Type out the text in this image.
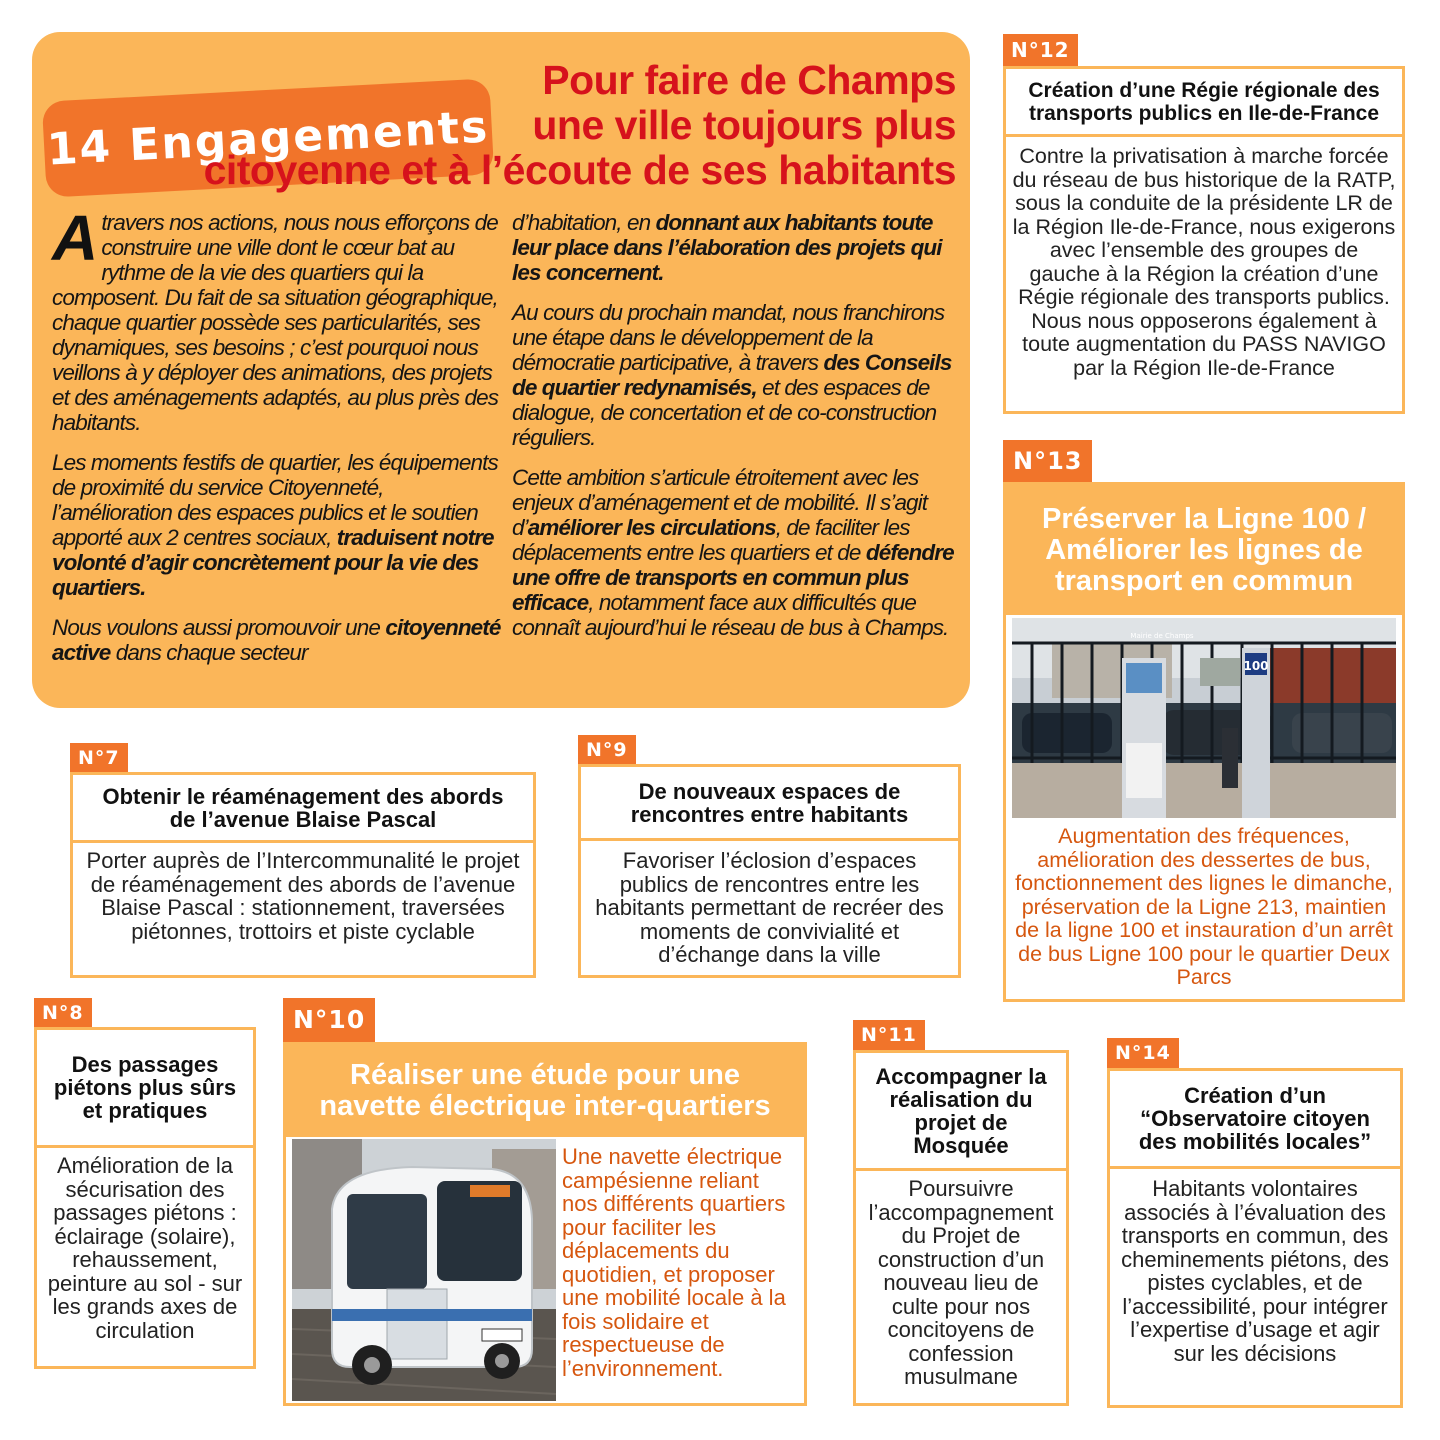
14 Engagements
Pour faire de Champs
une ville toujours plus
citoyenne et à l’écoute de ses habitants

A travers nos actions, nous nous efforçons de construire une ville dont le cœur bat au rythme de la vie des quartiers qui la composent. Du fait de sa situation géographique, chaque quartier possède ses particularités, ses dynamiques, ses besoins ; c’est pourquoi nous veillons à y déployer des animations, des projets et des aménagements adaptés, au plus près des habitants.

Les moments festifs de quartier, les équipements de proximité du service Citoyenneté, l’amélioration des espaces publics et le soutien apporté aux 2 centres sociaux, traduisent notre volonté d’agir concrètement pour la vie des quartiers.

Nous voulons aussi promouvoir une citoyenneté active dans chaque secteur

d’habitation, en donnant aux habitants toute leur place dans l’élaboration des projets qui les concernent.

Au cours du prochain mandat, nous franchirons une étape dans le développement de la démocratie participative, à travers des Conseils de quartier redynamisés, et des espaces de dialogue, de concertation et de co-construction réguliers.

Cette ambition s’articule étroitement avec les enjeux d’aménagement et de mobilité. Il s’agit d’améliorer les circulations, de faciliter les déplacements entre les quartiers et de défendre une offre de transports en commun plus efficace, notamment face aux difficultés que connaît aujourd’hui le réseau de bus à Champs.

N°12
Création d’une Régie régionale des transports publics en Ile-de-France
Contre la privatisation à marche forcée du réseau de bus historique de la RATP, sous la conduite de la présidente LR de la Région Ile-de-France, nous exigerons avec l’ensemble des groupes de gauche à la Région la création d’une Régie régionale des transports publics. Nous nous opposerons également à toute augmentation du PASS NAVIGO par la Région Ile-de-France
N°13
Préserver la Ligne 100 / Améliorer les lignes de transport en commun
100
Mairie de Champs
Augmentation des fréquences, amélioration des dessertes de bus, fonctionnement des lignes le dimanche, préservation de la Ligne 213, maintien de la ligne 100 et instauration d’un arrêt de bus Ligne 100 pour le quartier Deux Parcs
N°7
Obtenir le réaménagement des abords de l’avenue Blaise Pascal
Porter auprès de l’Intercommunalité le projet de réaménagement des abords de l’avenue Blaise Pascal : stationnement, traversées piétonnes, trottoirs et piste cyclable
N°9
De nouveaux espaces de rencontres entre habitants
Favoriser l’éclosion d’espaces publics de rencontres entre les habitants permettant de recréer des moments de convivialité et d’échange dans la ville
N°8
Des passages piétons plus sûrs et pratiques
Amélioration de la sécurisation des passages piétons : éclairage (solaire), rehaussement, peinture au sol - sur les grands axes de circulation
N°10
Réaliser une étude pour une navette électrique inter-quartiers
Une navette électrique campésienne reliant nos différents quartiers pour faciliter les déplacements du quotidien, et proposer une mobilité locale à la fois solidaire et respectueuse de l’environnement.
N°11
Accompagner la réalisation du projet de Mosquée
Poursuivre l’accompagnement du Projet de construction d’un nouveau lieu de culte pour nos concitoyens de confession musulmane
N°14
Création d’un “Observatoire citoyen des mobilités locales”
Habitants volontaires associés à l’évaluation des transports en commun, des cheminements piétons, des pistes cyclables, et de l’accessibilité, pour intégrer l’expertise d’usage et agir sur les décisions
